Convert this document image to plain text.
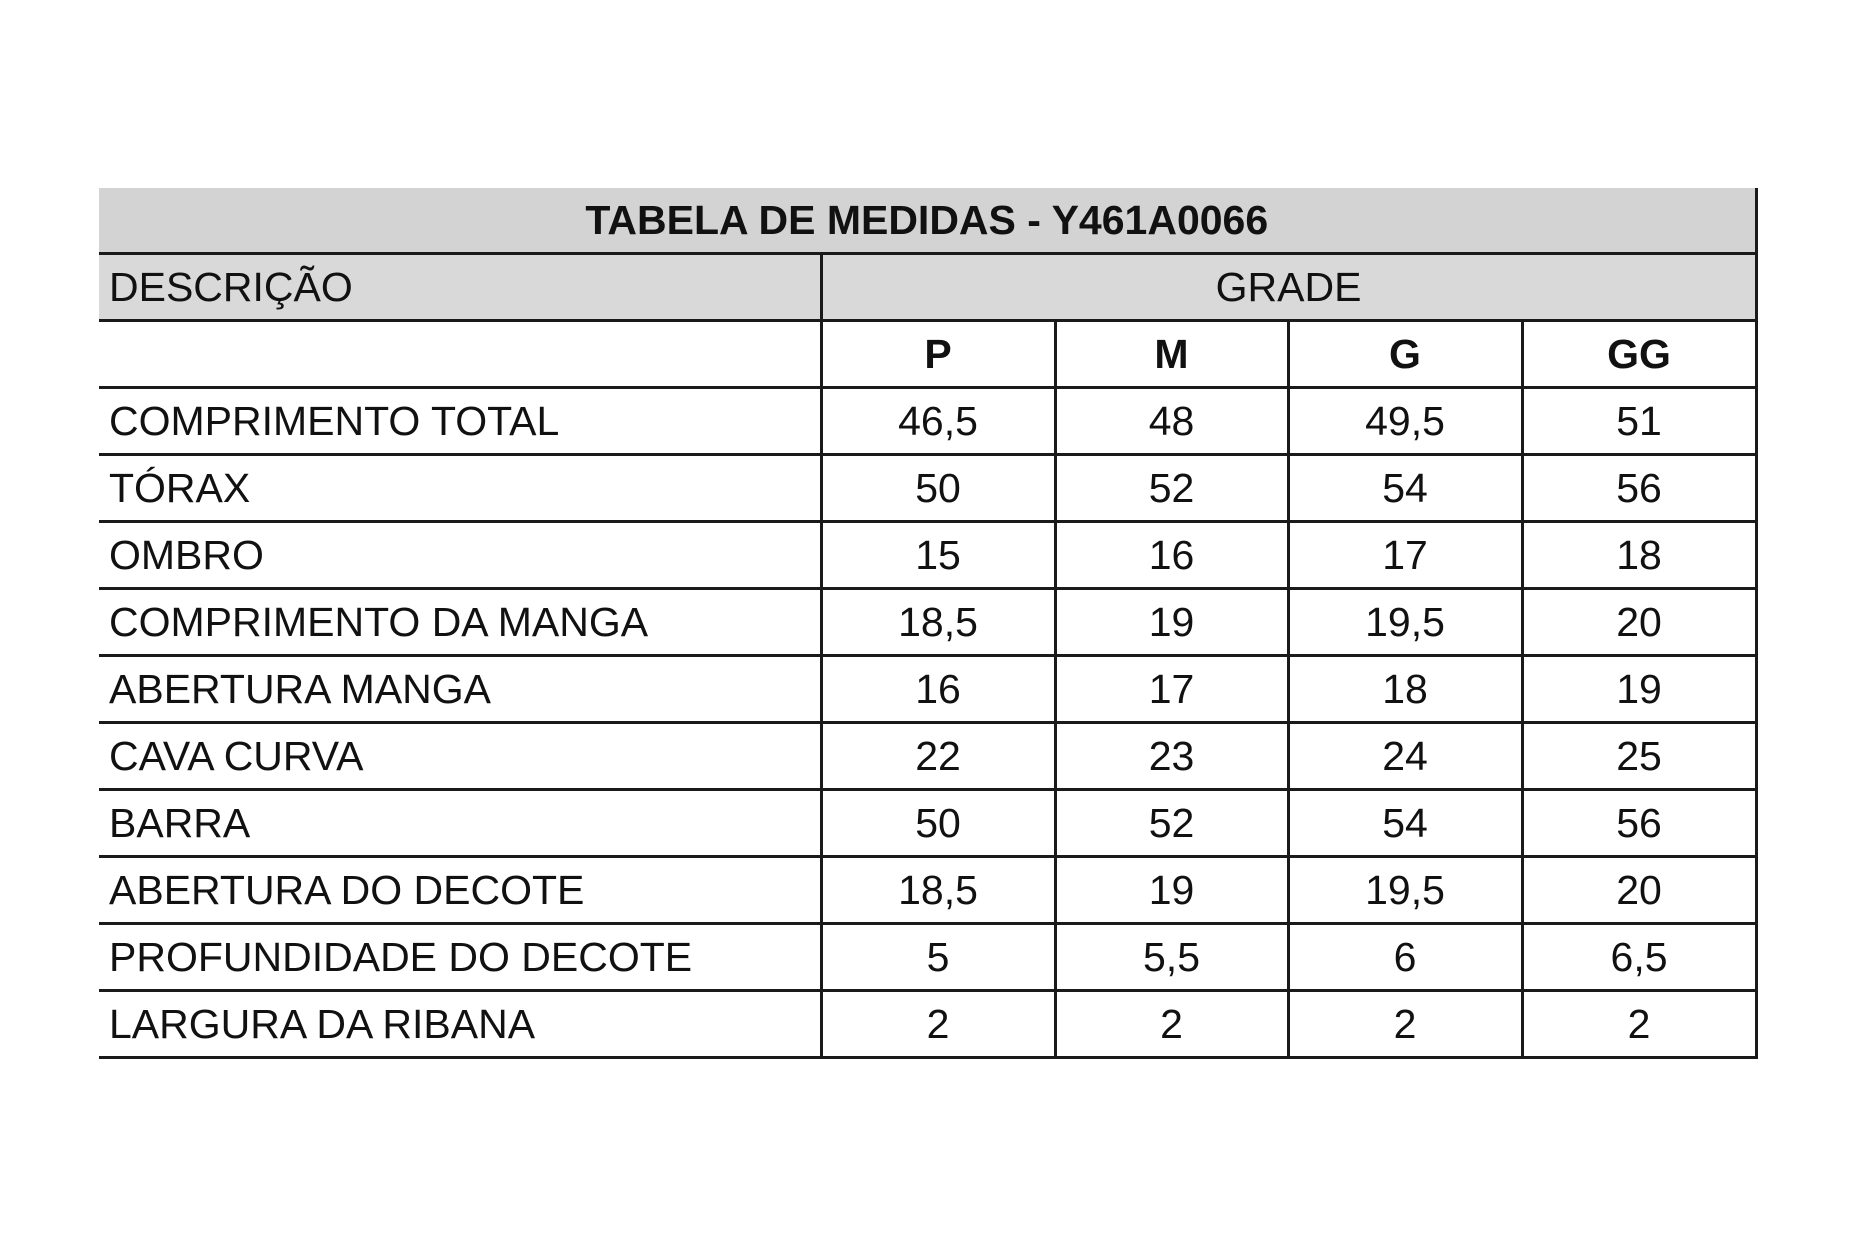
TABELA DE MEDIDAS - Y461A0066				
DESCRIÇÃO	GRADE			
	P	M	G	GG
COMPRIMENTO TOTAL	46,5	48	49,5	51
TÓRAX	50	52	54	56
OMBRO	15	16	17	18
COMPRIMENTO DA MANGA	18,5	19	19,5	20
ABERTURA MANGA	16	17	18	19
CAVA CURVA	22	23	24	25
BARRA	50	52	54	56
ABERTURA DO DECOTE	18,5	19	19,5	20
PROFUNDIDADE DO DECOTE	5	5,5	6	6,5
LARGURA DA RIBANA	2	2	2	2
